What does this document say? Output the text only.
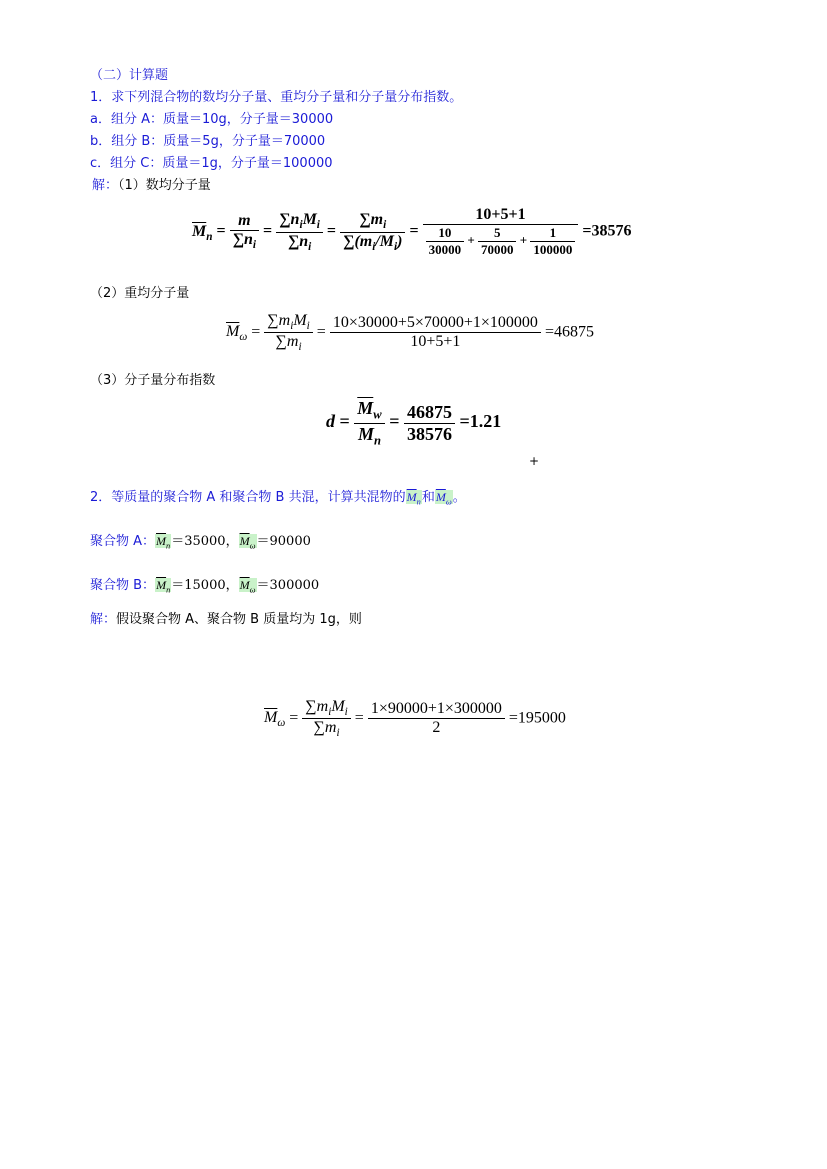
（二）计算题
1．求下列混合物的数均分子量、重均分子量和分子量分布指数。
a．组分 A：质量＝10g，分子量＝30000
b．组分 B：质量＝5g，分子量＝70000
c．组分 C：质量＝1g，分子量＝100000
解：（1）数均分子量
$\overline{M}_n = \frac{m}{\sum n_i} = \frac{\sum n_iM_i}{\sum n_i} = \frac{\sum m_i}{\sum(m_i/M_i)} = \frac{10+5+1}{\frac{10}{30000} + \frac{5}{70000} + \frac{1}{100000}} =38576$
（2）重均分子量
$\overline{M}_\omega = \frac{\sum m_iM_i}{\sum m_i} = \frac{10\times 30000+5\times 70000+1\times 100000}{10+5+1} =46875$
（3）分子量分布指数
$d = \frac{\overline{M}_w}{\overline{M}_n} = \frac{46875}{38576} =1.21$
+
2．等质量的聚合物 A 和聚合物 B 共混，计算共混物的$\overline{M}_n$和$\overline{M}_\omega$。
聚合物 A：$\overline{M}_n=35000$，$\overline{M}_\omega=90000$
聚合物 B：$\overline{M}_n=15000$，$\overline{M}_\omega=300000$
解：假设聚合物 A、聚合物 B 质量均为 1g，则
$\overline{M}_\omega = \frac{\sum m_iM_i}{\sum m_i} = \frac{1\times 90000+1\times 300000}{2} =195000$
